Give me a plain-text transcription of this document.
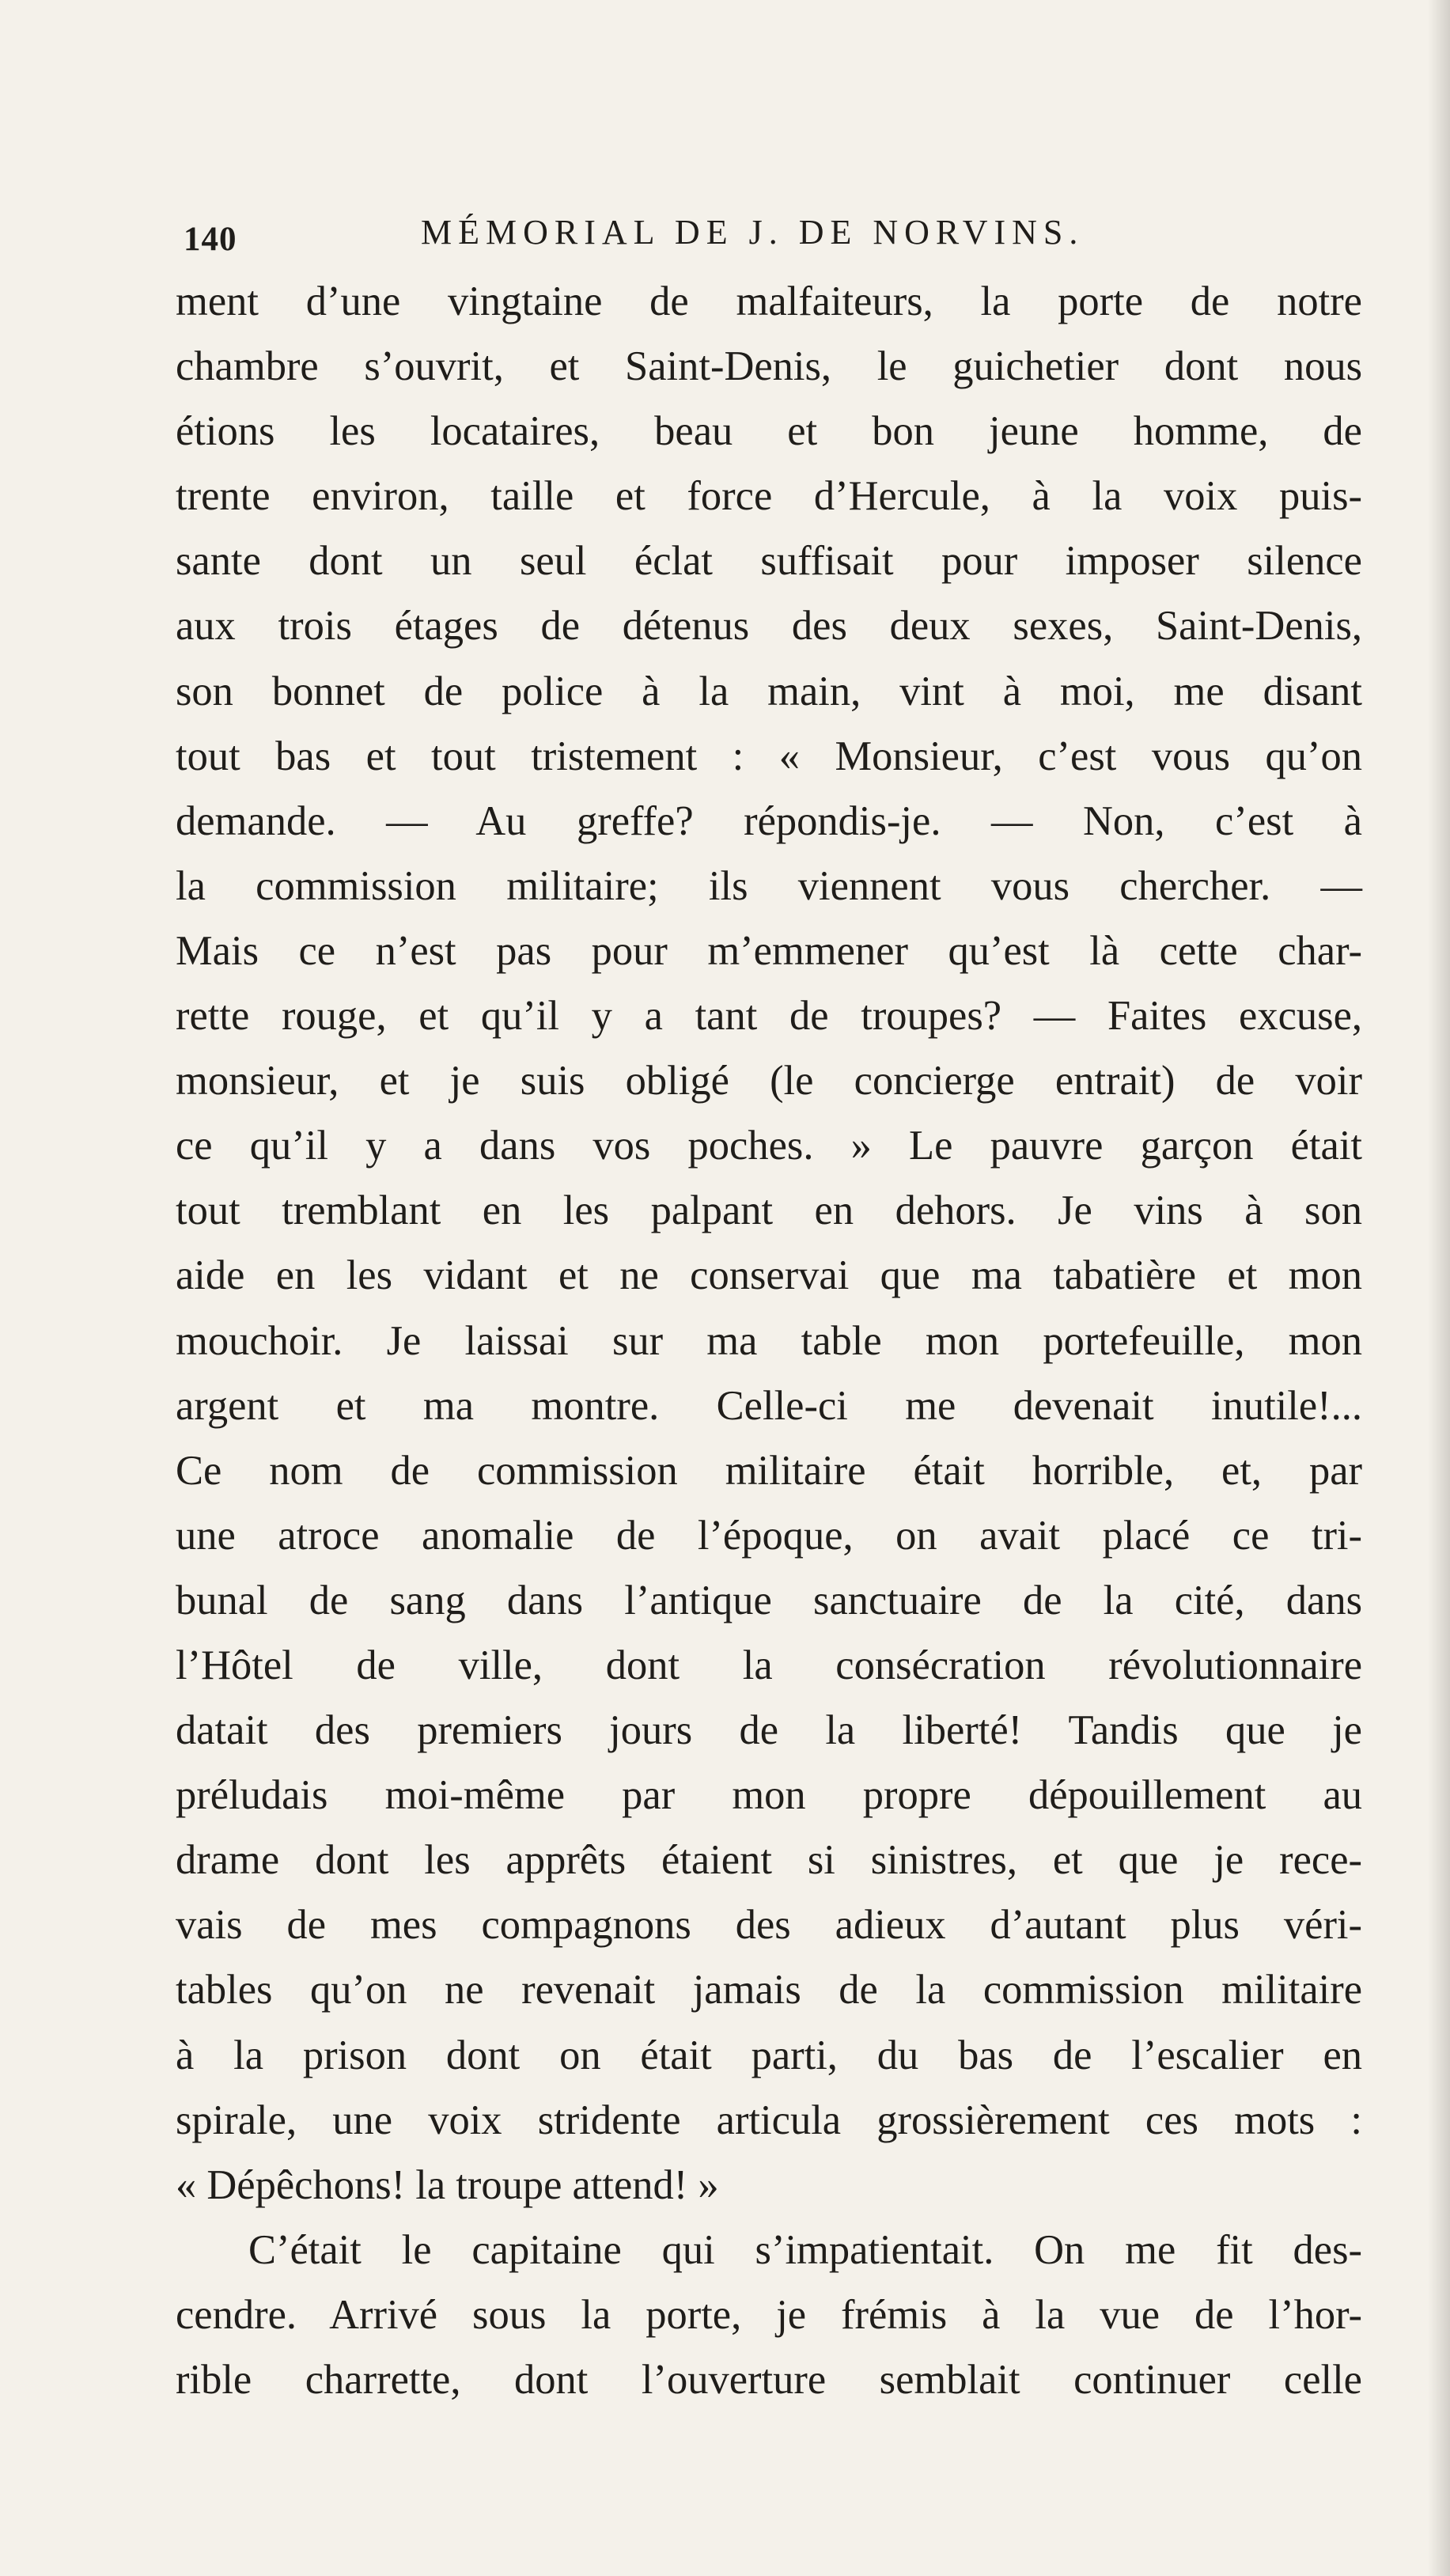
140	MÉMORIAL DE J. DE NORVINS.
ment d’une vingtaine de malfaiteurs, la porte de notre
chambre s’ouvrit, et Saint-Denis, le guichetier dont nous
étions les locataires, beau et bon jeune homme, de
trente environ, taille et force d’Hercule, à la voix puis-
sante dont un seul éclat suffisait pour imposer silence
aux trois étages de détenus des deux sexes, Saint-Denis,
son bonnet de police à la main, vint à moi, me disant
tout bas et tout tristement : « Monsieur, c’est vous qu’on
demande. — Au greffe? répondis-je. — Non, c’est à
la commission militaire; ils viennent vous chercher. —
Mais ce n’est pas pour m’emmener qu’est là cette char-
rette rouge, et qu’il y a tant de troupes? — Faites excuse,
monsieur, et je suis obligé (le concierge entrait) de voir
ce qu’il y a dans vos poches. » Le pauvre garçon était
tout tremblant en les palpant en dehors. Je vins à son
aide en les vidant et ne conservai que ma tabatière et mon
mouchoir. Je laissai sur ma table mon portefeuille, mon
argent et ma montre. Celle-ci me devenait inutile!...
Ce nom de commission militaire était horrible, et, par
une atroce anomalie de l’époque, on avait placé ce tri-
bunal de sang dans l’antique sanctuaire de la cité, dans
l’Hôtel de ville, dont la consécration révolutionnaire
datait des premiers jours de la liberté! Tandis que je
préludais moi-même par mon propre dépouillement au
drame dont les apprêts étaient si sinistres, et que je rece-
vais de mes compagnons des adieux d’autant plus véri-
tables qu’on ne revenait jamais de la commission militaire
à la prison dont on était parti, du bas de l’escalier en
spirale, une voix stridente articula grossièrement ces mots :
« Dépêchons! la troupe attend! »
C’était le capitaine qui s’impatientait. On me fit des-
cendre. Arrivé sous la porte, je frémis à la vue de l’hor-
rible charrette, dont l’ouverture semblait continuer celle
